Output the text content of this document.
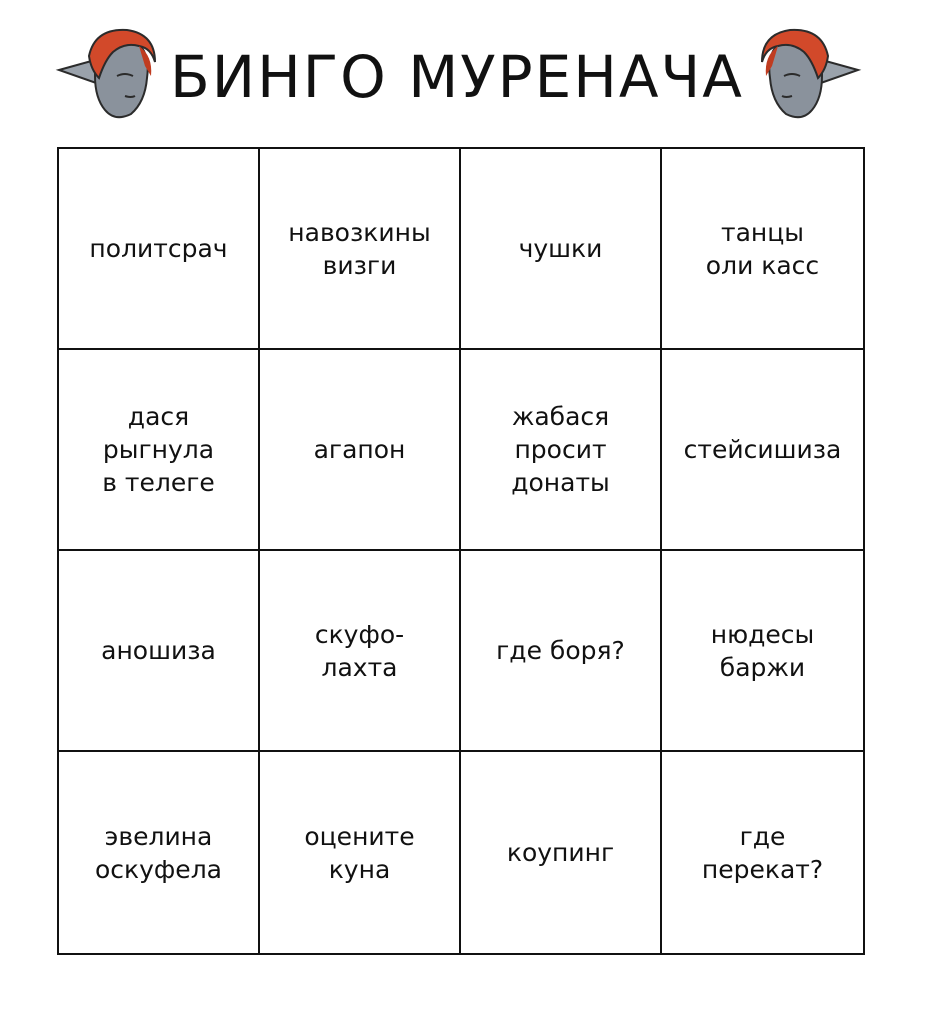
БИНГО МУРЕНАЧА
политсрач
навозкины
визги
чушки
танцы
оли касс
дася
рыгнула
в телеге
агапон
жабася
просит
донаты
стейсишиза
аношиза
скуфо-
лахта
где боря?
нюдесы
баржи
эвелина
оскуфела
оцените
куна
коупинг
где
перекат?
